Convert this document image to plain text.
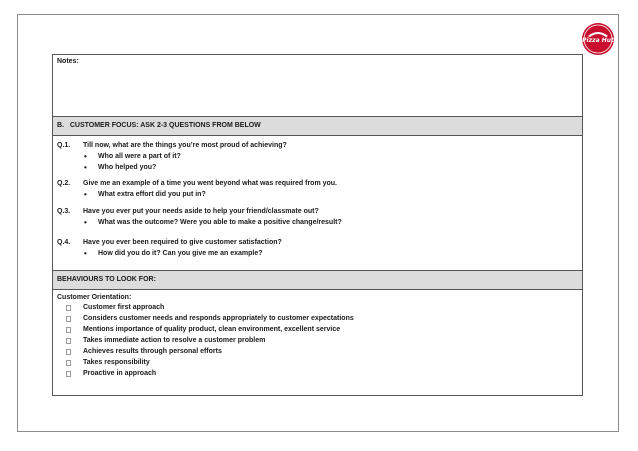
Pizza Hut
Notes:
B.   CUSTOMER FOCUS: ASK 2-3 QUESTIONS FROM BELOW
Q.1. Till now, what are the things you’re most proud of achieving?
• Who all were a part of it?
• Who helped you?
Q.2. Give me an example of a time you went beyond what was required from you.
• What extra effort did you put in?
Q.3. Have you ever put your needs aside to help your friend/classmate out?
• What was the outcome? Were you able to make a positive change/result?
Q.4. Have you ever been required to give customer satisfaction?
• How did you do it? Can you give me an example?
BEHAVIOURS TO LOOK FOR:
Customer Orientation:
Customer first approach
Considers customer needs and responds appropriately to customer expectations
Mentions importance of quality product, clean environment, excellent service
Takes immediate action to resolve a customer problem
Achieves results through personal efforts
Takes responsibility
Proactive in approach
